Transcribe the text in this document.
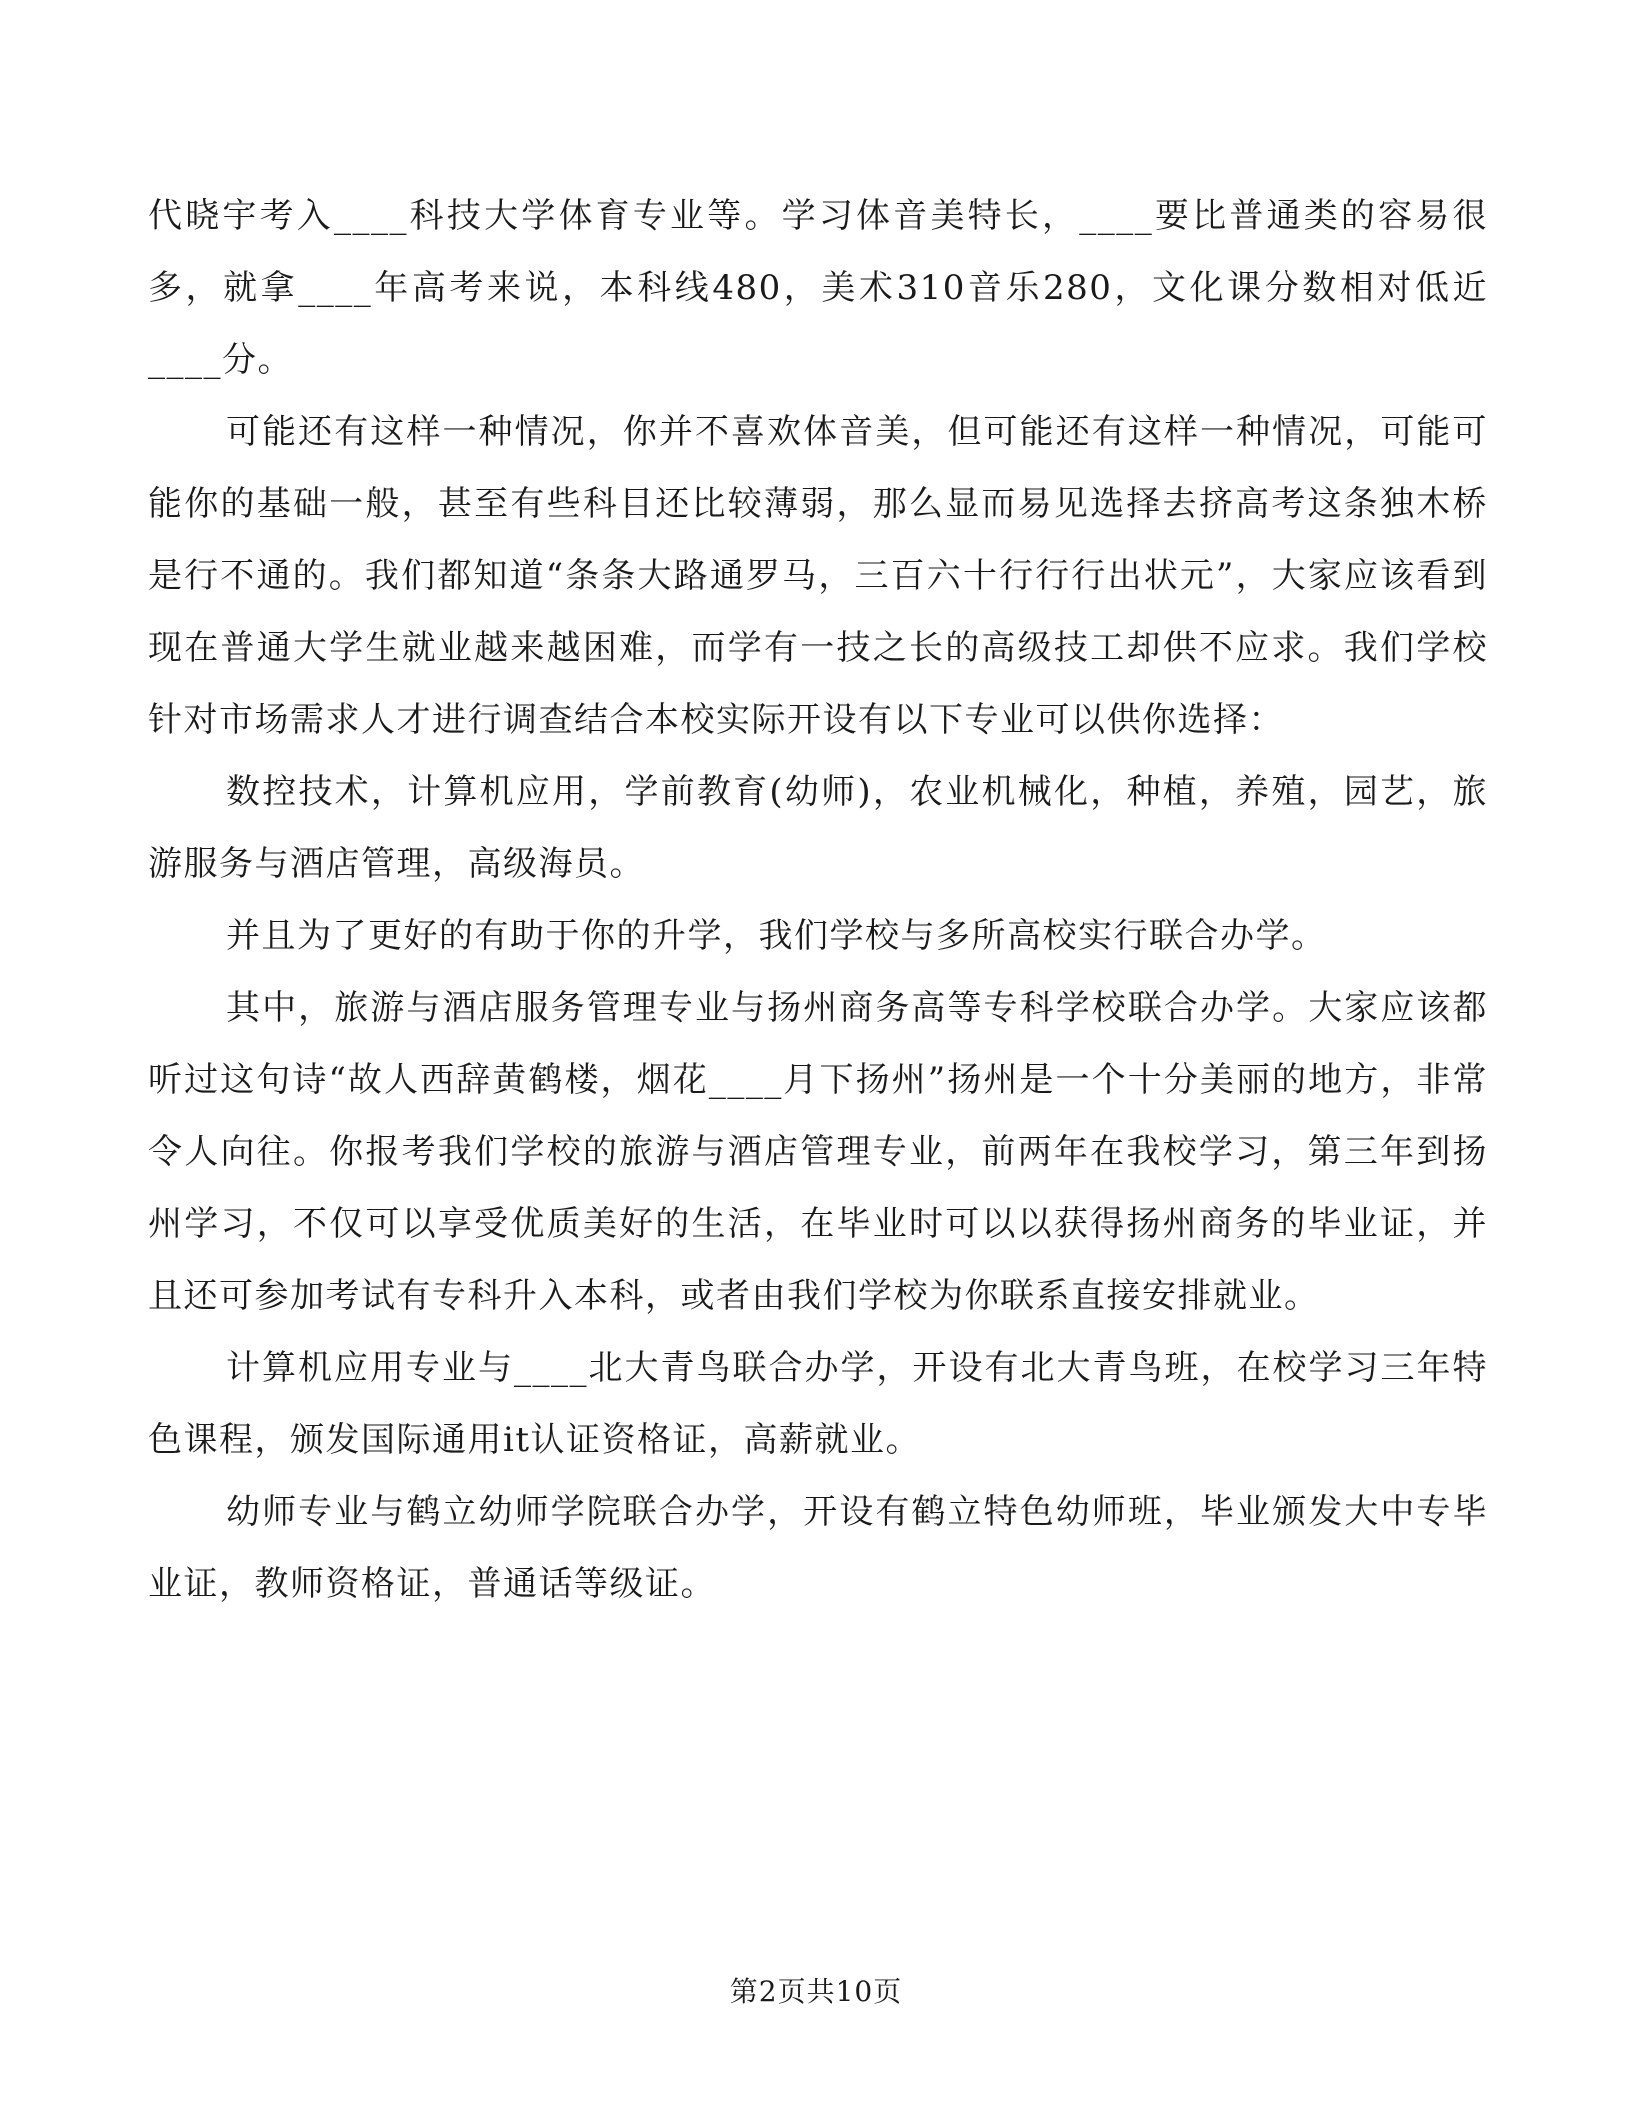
代晓宇考入____科技大学体育专业等。学习体音美特长，____要比普通类的容易很多，就拿____年高考来说，本科线480，美术310音乐280，文化课分数相对低近____分。

可能还有这样一种情况，你并不喜欢体音美，但可能还有这样一种情况，可能可能你的基础一般，甚至有些科目还比较薄弱，那么显而易见选择去挤高考这条独木桥是行不通的。我们都知道“条条大路通罗马，三百六十行行行出状元”，大家应该看到现在普通大学生就业越来越困难，而学有一技之长的高级技工却供不应求。我们学校针对市场需求人才进行调查结合本校实际开设有以下专业可以供你选择：

数控技术，计算机应用，学前教育(幼师)，农业机械化，种植，养殖，园艺，旅游服务与酒店管理，高级海员。

并且为了更好的有助于你的升学，我们学校与多所高校实行联合办学。

其中，旅游与酒店服务管理专业与扬州商务高等专科学校联合办学。大家应该都听过这句诗“故人西辞黄鹤楼，烟花____月下扬州”扬州是一个十分美丽的地方，非常令人向往。你报考我们学校的旅游与酒店管理专业，前两年在我校学习，第三年到扬州学习，不仅可以享受优质美好的生活，在毕业时可以以获得扬州商务的毕业证，并且还可参加考试有专科升入本科，或者由我们学校为你联系直接安排就业。

计算机应用专业与____北大青鸟联合办学，开设有北大青鸟班，在校学习三年特色课程，颁发国际通用it认证资格证，高薪就业。

幼师专业与鹤立幼师学院联合办学，开设有鹤立特色幼师班，毕业颁发大中专毕业证，教师资格证，普通话等级证。

第2页共10页
